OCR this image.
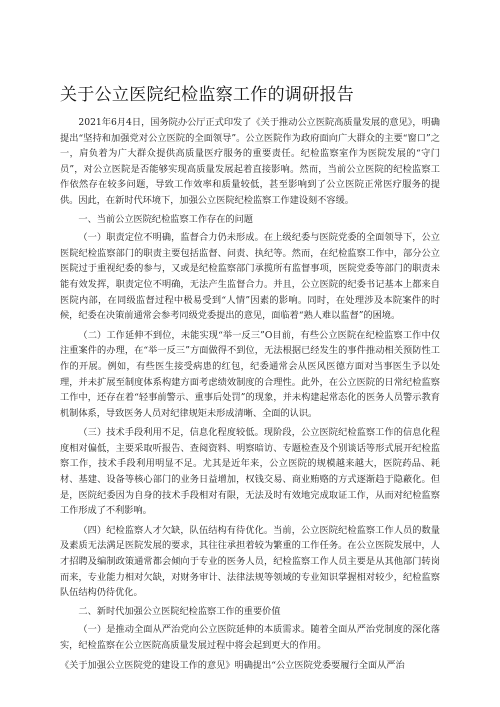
关于公立医院纪检监察工作的调研报告

2021年6月4日，国务院办公厅正式印发了《关于推动公立医院高质量发展的意见》，明确提出“坚持和加强党对公立医院的全面领导”。公立医院作为政府面向广大群众的主要“窗口”之一，肩负着为广大群众提供高质量医疗服务的重要责任。纪检监察室作为医院发展的“守门员”，对公立医院是否能够实现高质量发展起着直接影响。然而，当前公立医院的纪检监察工作依然存在较多问题，导致工作效率和质量较低，甚至影响到了公立医院正常医疗服务的提供。因此，在新时代环境下，加强公立医院纪检监察工作建设刻不容缓。

一、当前公立医院纪检监察工作存在的问题

（一）职责定位不明确，监督合力仍未形成。在上级纪委与医院党委的全面领导下，公立医院纪检监察部门的职责主要包括监督、问责、执纪等。然而，在纪检监察工作中，部分公立医院过于重视纪委的参与，又或是纪检监察部门承揽所有监督事项，医院党委等部门的职责未能有效发挥，职责定位不明确，无法产生监督合力。并且，公立医院的纪委书记基本上都来自医院内部，在同级监督过程中极易受到“人情”因素的影响。同时，在处理涉及本院案件的时候，纪委在决策前通常会参考同级党委提出的意见，面临着“熟人难以监督”的困境。

（二）工作延伸不到位，未能实现“举一反三”O目前，有些公立医院在纪检监察工作中仅注重案件的办理，在“举一反三”方面做得不到位，无法根据已经发生的事件推动相关预防性工作的开展。例如，有些医生接受病患的红包，纪委通常会从医风医德方面对当事医生予以处理，并未扩展至制度体系构建方面考虑绩效制度的合理性。此外，在公立医院的日常纪检监察工作中，还存在着“轻事前警示、重事后处罚”的现象，并未构建起常态化的医务人员警示教育机制体系，导致医务人员对纪律规矩未形成清晰、全面的认识。

（三）技术手段利用不足，信息化程度较低。现阶段，公立医院纪检监察工作的信息化程度相对偏低，主要采取听报告、查阅资料、明察暗访、专题检查及个别谈话等形式展开纪检监察工作，技术手段利用明显不足。尤其是近年来，公立医院的规模越来越大，医院药品、耗材、基建、设备等核心部门的业务日益增加，权钱交易、商业贿赂的方式逐渐趋于隐蔽化。但是，医院纪委因为自身的技术手段相对有限，无法及时有效地完成取证工作，从而对纪检监察工作形成了不利影响。

（四）纪检监察人才欠缺，队伍结构有待优化。当前，公立医院纪检监察工作人员的数量及素质无法满足医院发展的要求，其往往承担着较为繁重的工作任务。在公立医院发展中，人才招聘及编制政策通常都会倾向于专业的医务人员，纪检监察工作人员主要是从其他部门转岗而来，专业能力相对欠缺，对财务审计、法律法规等领域的专业知识掌握相对较少，纪检监察队伍结构仍待优化。

二、新时代加强公立医院纪检监察工作的重要价值

（一）是推动全面从严治党向公立医院延伸的本质需求。随着全面从严治党制度的深化落实，纪检监察在公立医院高质量发展过程中将会起到更大的作用。

《关于加强公立医院党的建设工作的意见》明确提出“公立医院党委要履行全面从严治
